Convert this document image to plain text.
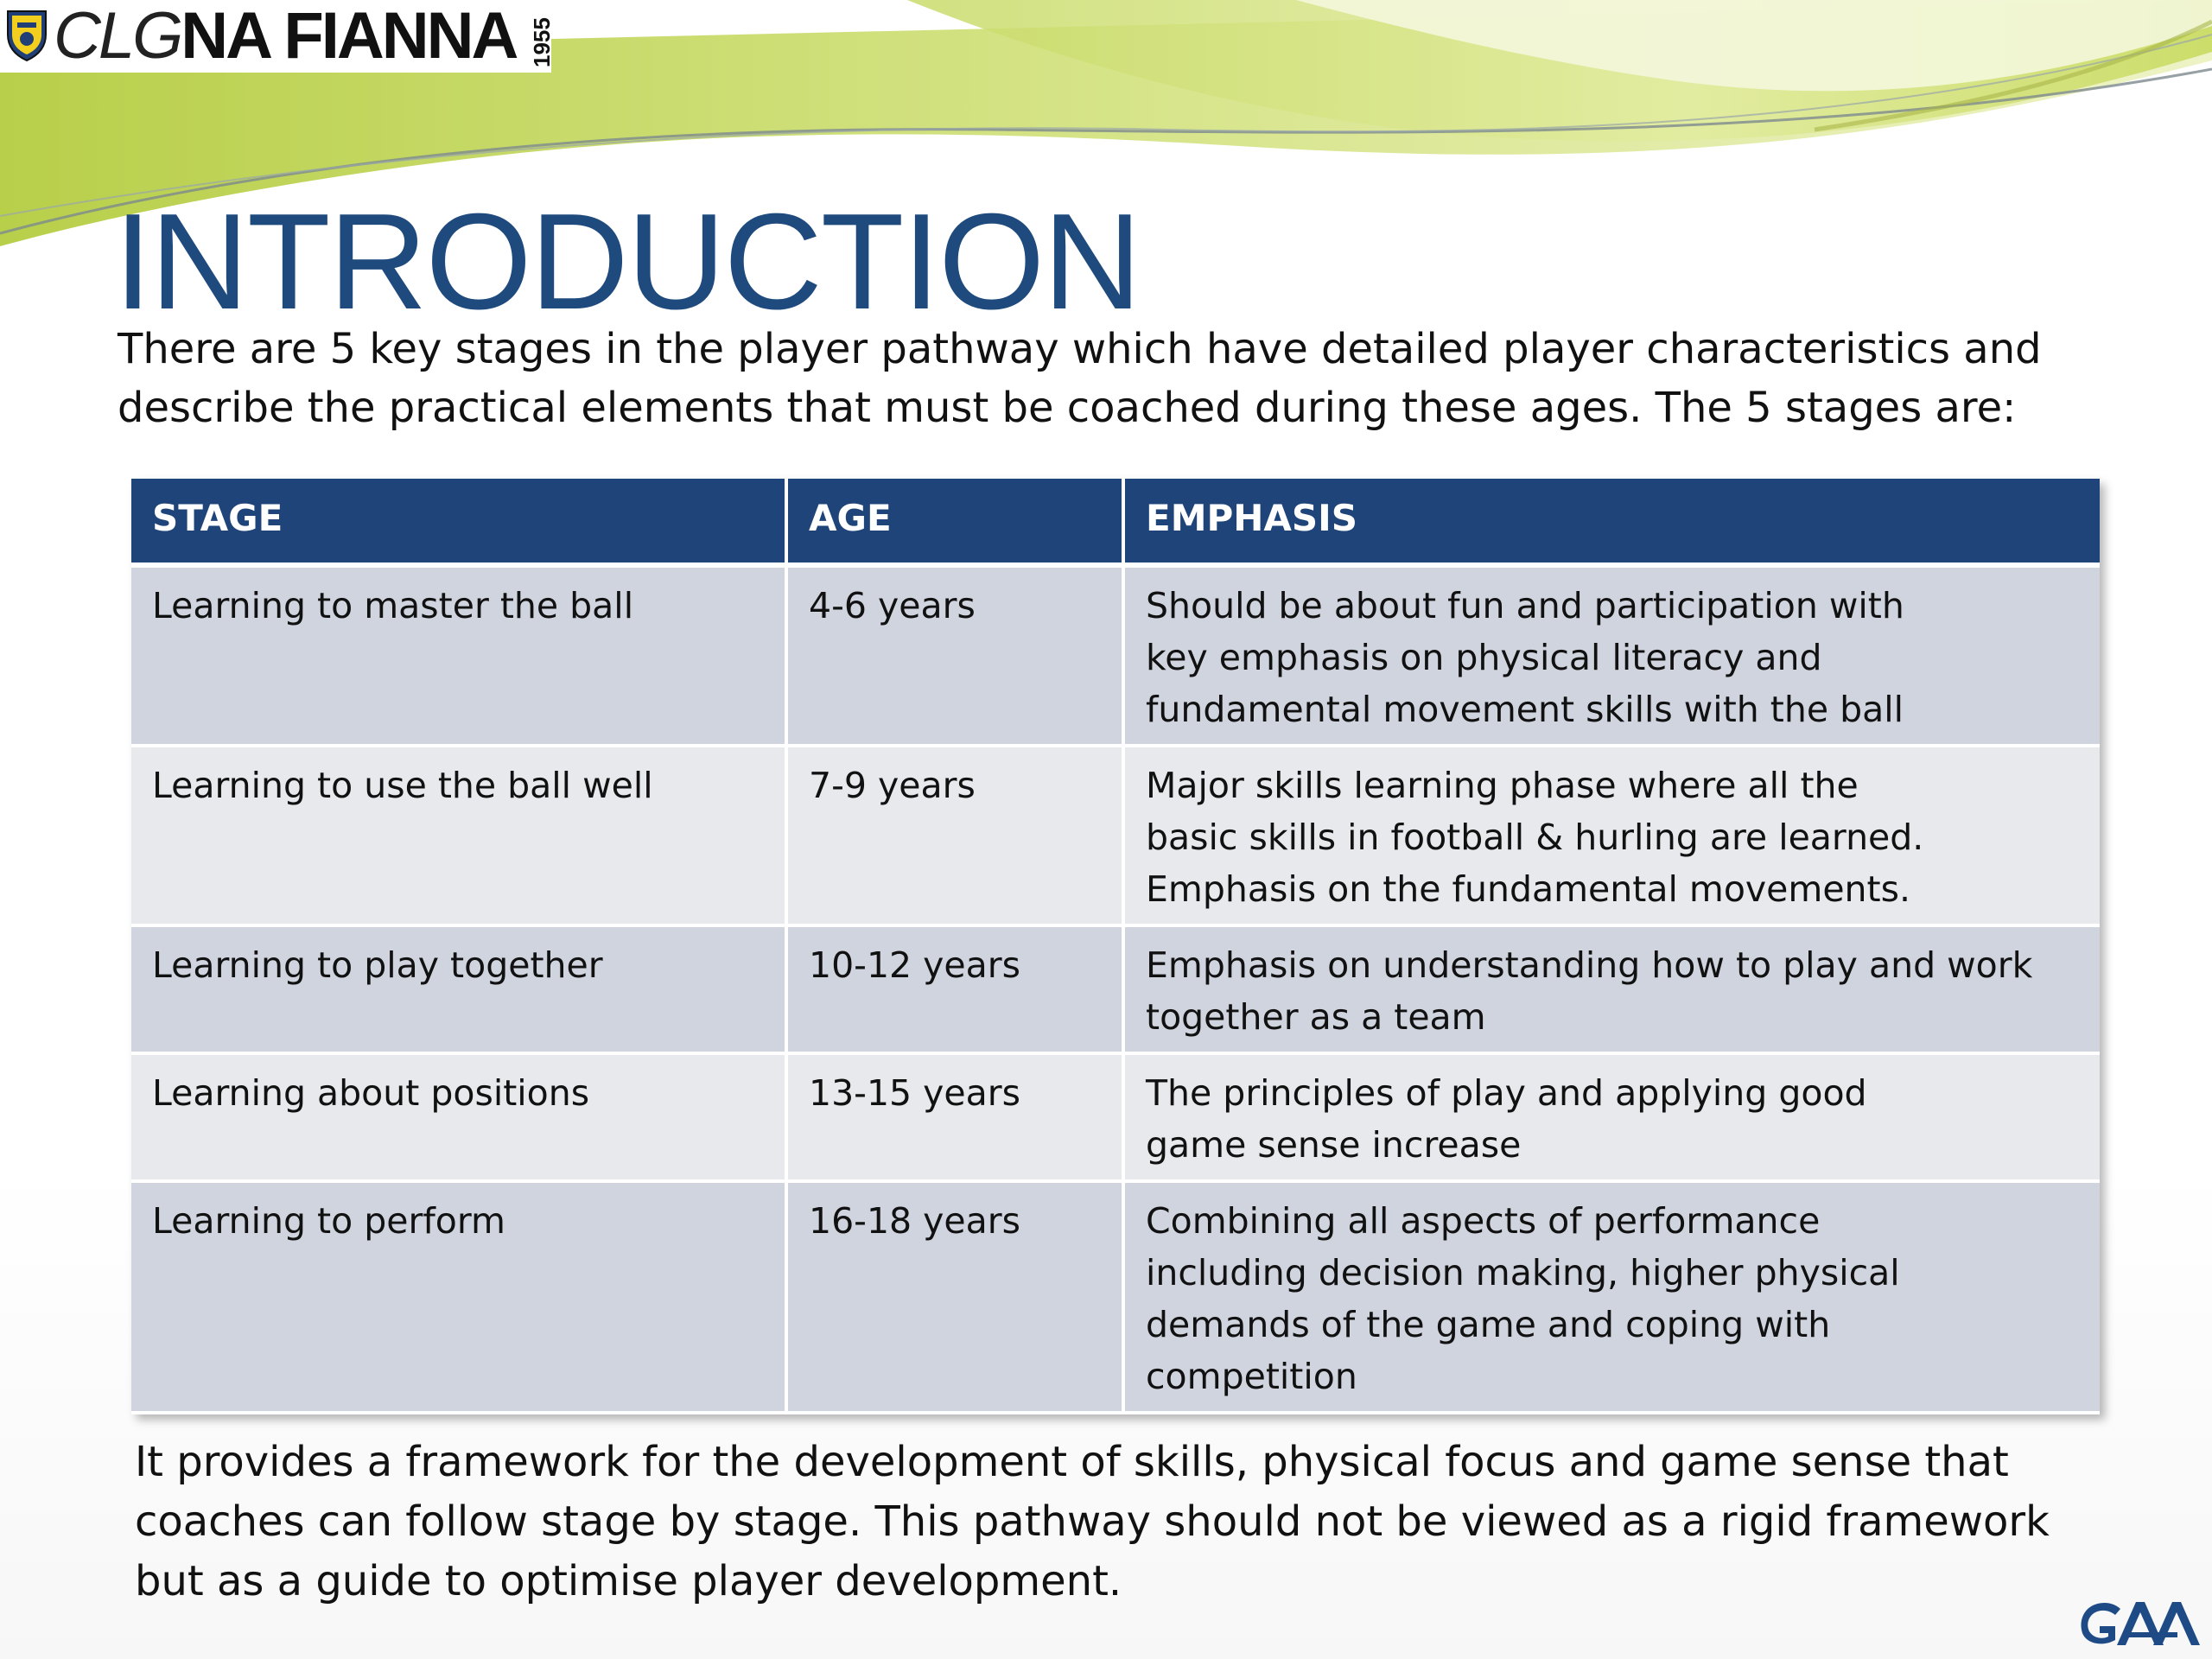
CLGNA FIANNA 1955
INTRODUCTION

There are 5 key stages in the player pathway which have detailed player characteristics and describe the practical elements that must be coached during these ages. The 5 stages are:

STAGE	AGE	EMPHASIS
Learning to master the ball	4-6 years	Should be about fun and participation with
key emphasis on physical literacy and
fundamental movement skills with the ball

Learning to use the ball well	7-9 years	Major skills learning phase where all the
basic skills in football & hurling are learned.
Emphasis on the fundamental movements.

Learning to play together	10-12 years	Emphasis on understanding how to play and work
together as a team

Learning about positions	13-15 years	The principles of play and applying good
game sense increase

Learning to perform	16-18 years	Combining all aspects of performance
including decision making, higher physical
demands of the game and coping with
competition

It provides a framework for the development of skills, physical focus and game sense that coaches can follow stage by stage. This pathway should not be viewed as a rigid framework but as a guide to optimise player development.
